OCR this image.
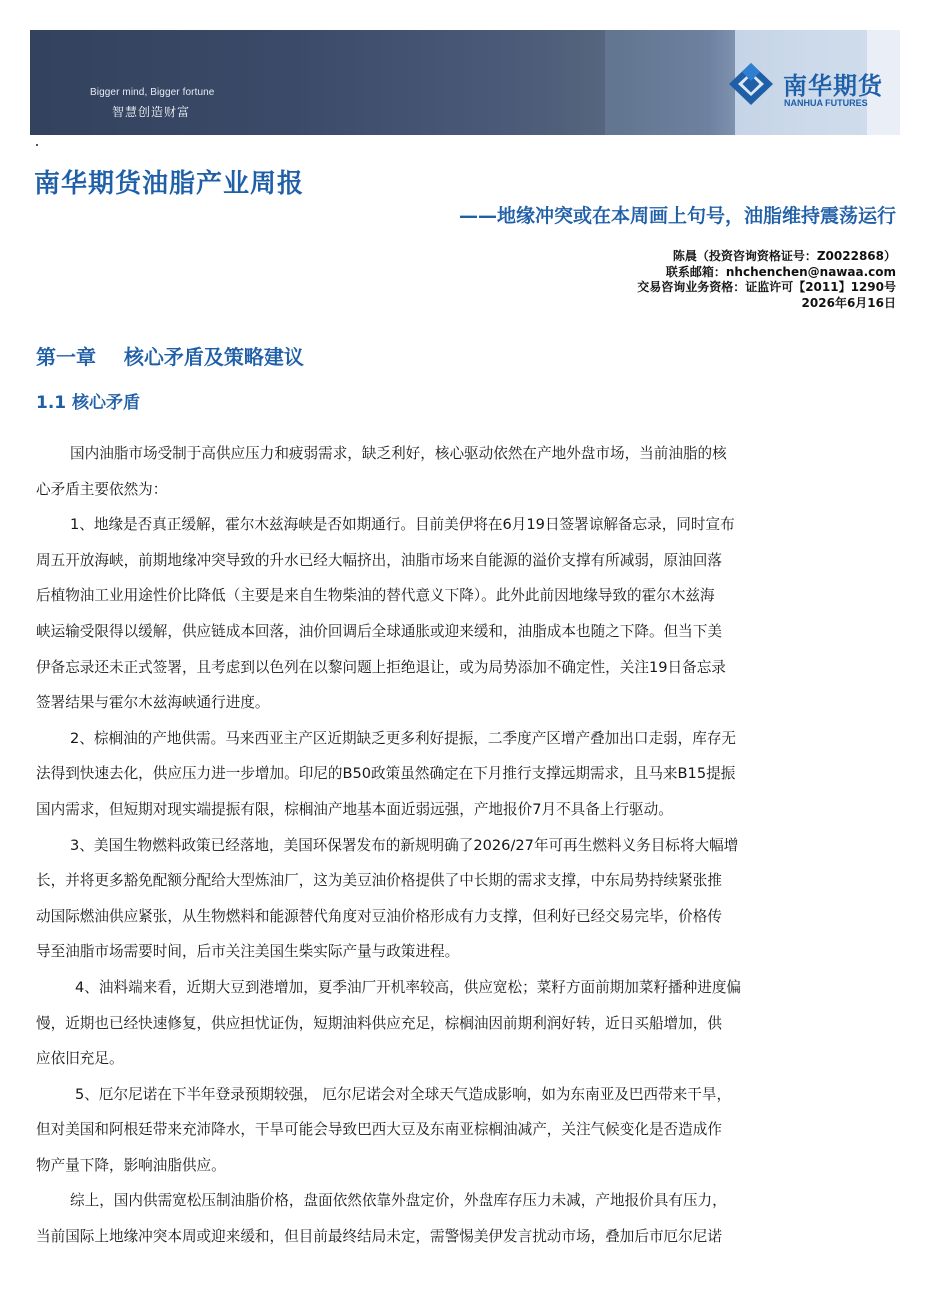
Bigger mind, Bigger fortune
智慧创造财富
南华期货
NANHUA FUTURES
南华期货油脂产业周报
——地缘冲突或在本周画上句号，油脂维持震荡运行
陈晨（投资咨询资格证号：Z0022868）
联系邮箱：nhchenchen@nawaa.com
交易咨询业务资格：证监许可【2011】1290号
2026年6月16日
第一章    核心矛盾及策略建议
1.1 核心矛盾

国内油脂市场受制于高供应压力和疲弱需求，缺乏利好，核心驱动依然在产地外盘市场，当前油脂的核
心矛盾主要依然为：

1、地缘是否真正缓解，霍尔木兹海峡是否如期通行。目前美伊将在6月19日签署谅解备忘录，同时宣布
周五开放海峡，前期地缘冲突导致的升水已经大幅挤出，油脂市场来自能源的溢价支撑有所减弱，原油回落
后植物油工业用途性价比降低（主要是来自生物柴油的替代意义下降）。此外此前因地缘导致的霍尔木兹海
峡运输受限得以缓解，供应链成本回落，油价回调后全球通胀或迎来缓和，油脂成本也随之下降。但当下美
伊备忘录还未正式签署，且考虑到以色列在以黎问题上拒绝退让，或为局势添加不确定性，关注19日备忘录
签署结果与霍尔木兹海峡通行进度。

2、棕榈油的产地供需。马来西亚主产区近期缺乏更多利好提振，二季度产区增产叠加出口走弱，库存无
法得到快速去化，供应压力进一步增加。印尼的B50政策虽然确定在下月推行支撑远期需求，且马来B15提振
国内需求，但短期对现实端提振有限，棕榈油产地基本面近弱远强，产地报价7月不具备上行驱动。

3、美国生物燃料政策已经落地，美国环保署发布的新规明确了2026/27年可再生燃料义务目标将大幅增
长，并将更多豁免配额分配给大型炼油厂，这为美豆油价格提供了中长期的需求支撑，中东局势持续紧张推
动国际燃油供应紧张，从生物燃料和能源替代角度对豆油价格形成有力支撑，但利好已经交易完毕，价格传
导至油脂市场需要时间，后市关注美国生柴实际产量与政策进程。

4、油料端来看，近期大豆到港增加，夏季油厂开机率较高，供应宽松；菜籽方面前期加菜籽播种进度偏
慢，近期也已经快速修复，供应担忧证伪，短期油料供应充足，棕榈油因前期利润好转，近日买船增加，供
应依旧充足。

5、厄尔尼诺在下半年登录预期较强， 厄尔尼诺会对全球天气造成影响，如为东南亚及巴西带来干旱，
但对美国和阿根廷带来充沛降水，干旱可能会导致巴西大豆及东南亚棕榈油减产，关注气候变化是否造成作
物产量下降，影响油脂供应。

综上，国内供需宽松压制油脂价格，盘面依然依靠外盘定价，外盘库存压力未减，产地报价具有压力，
当前国际上地缘冲突本周或迎来缓和，但目前最终结局未定，需警惕美伊发言扰动市场，叠加后市厄尔尼诺
